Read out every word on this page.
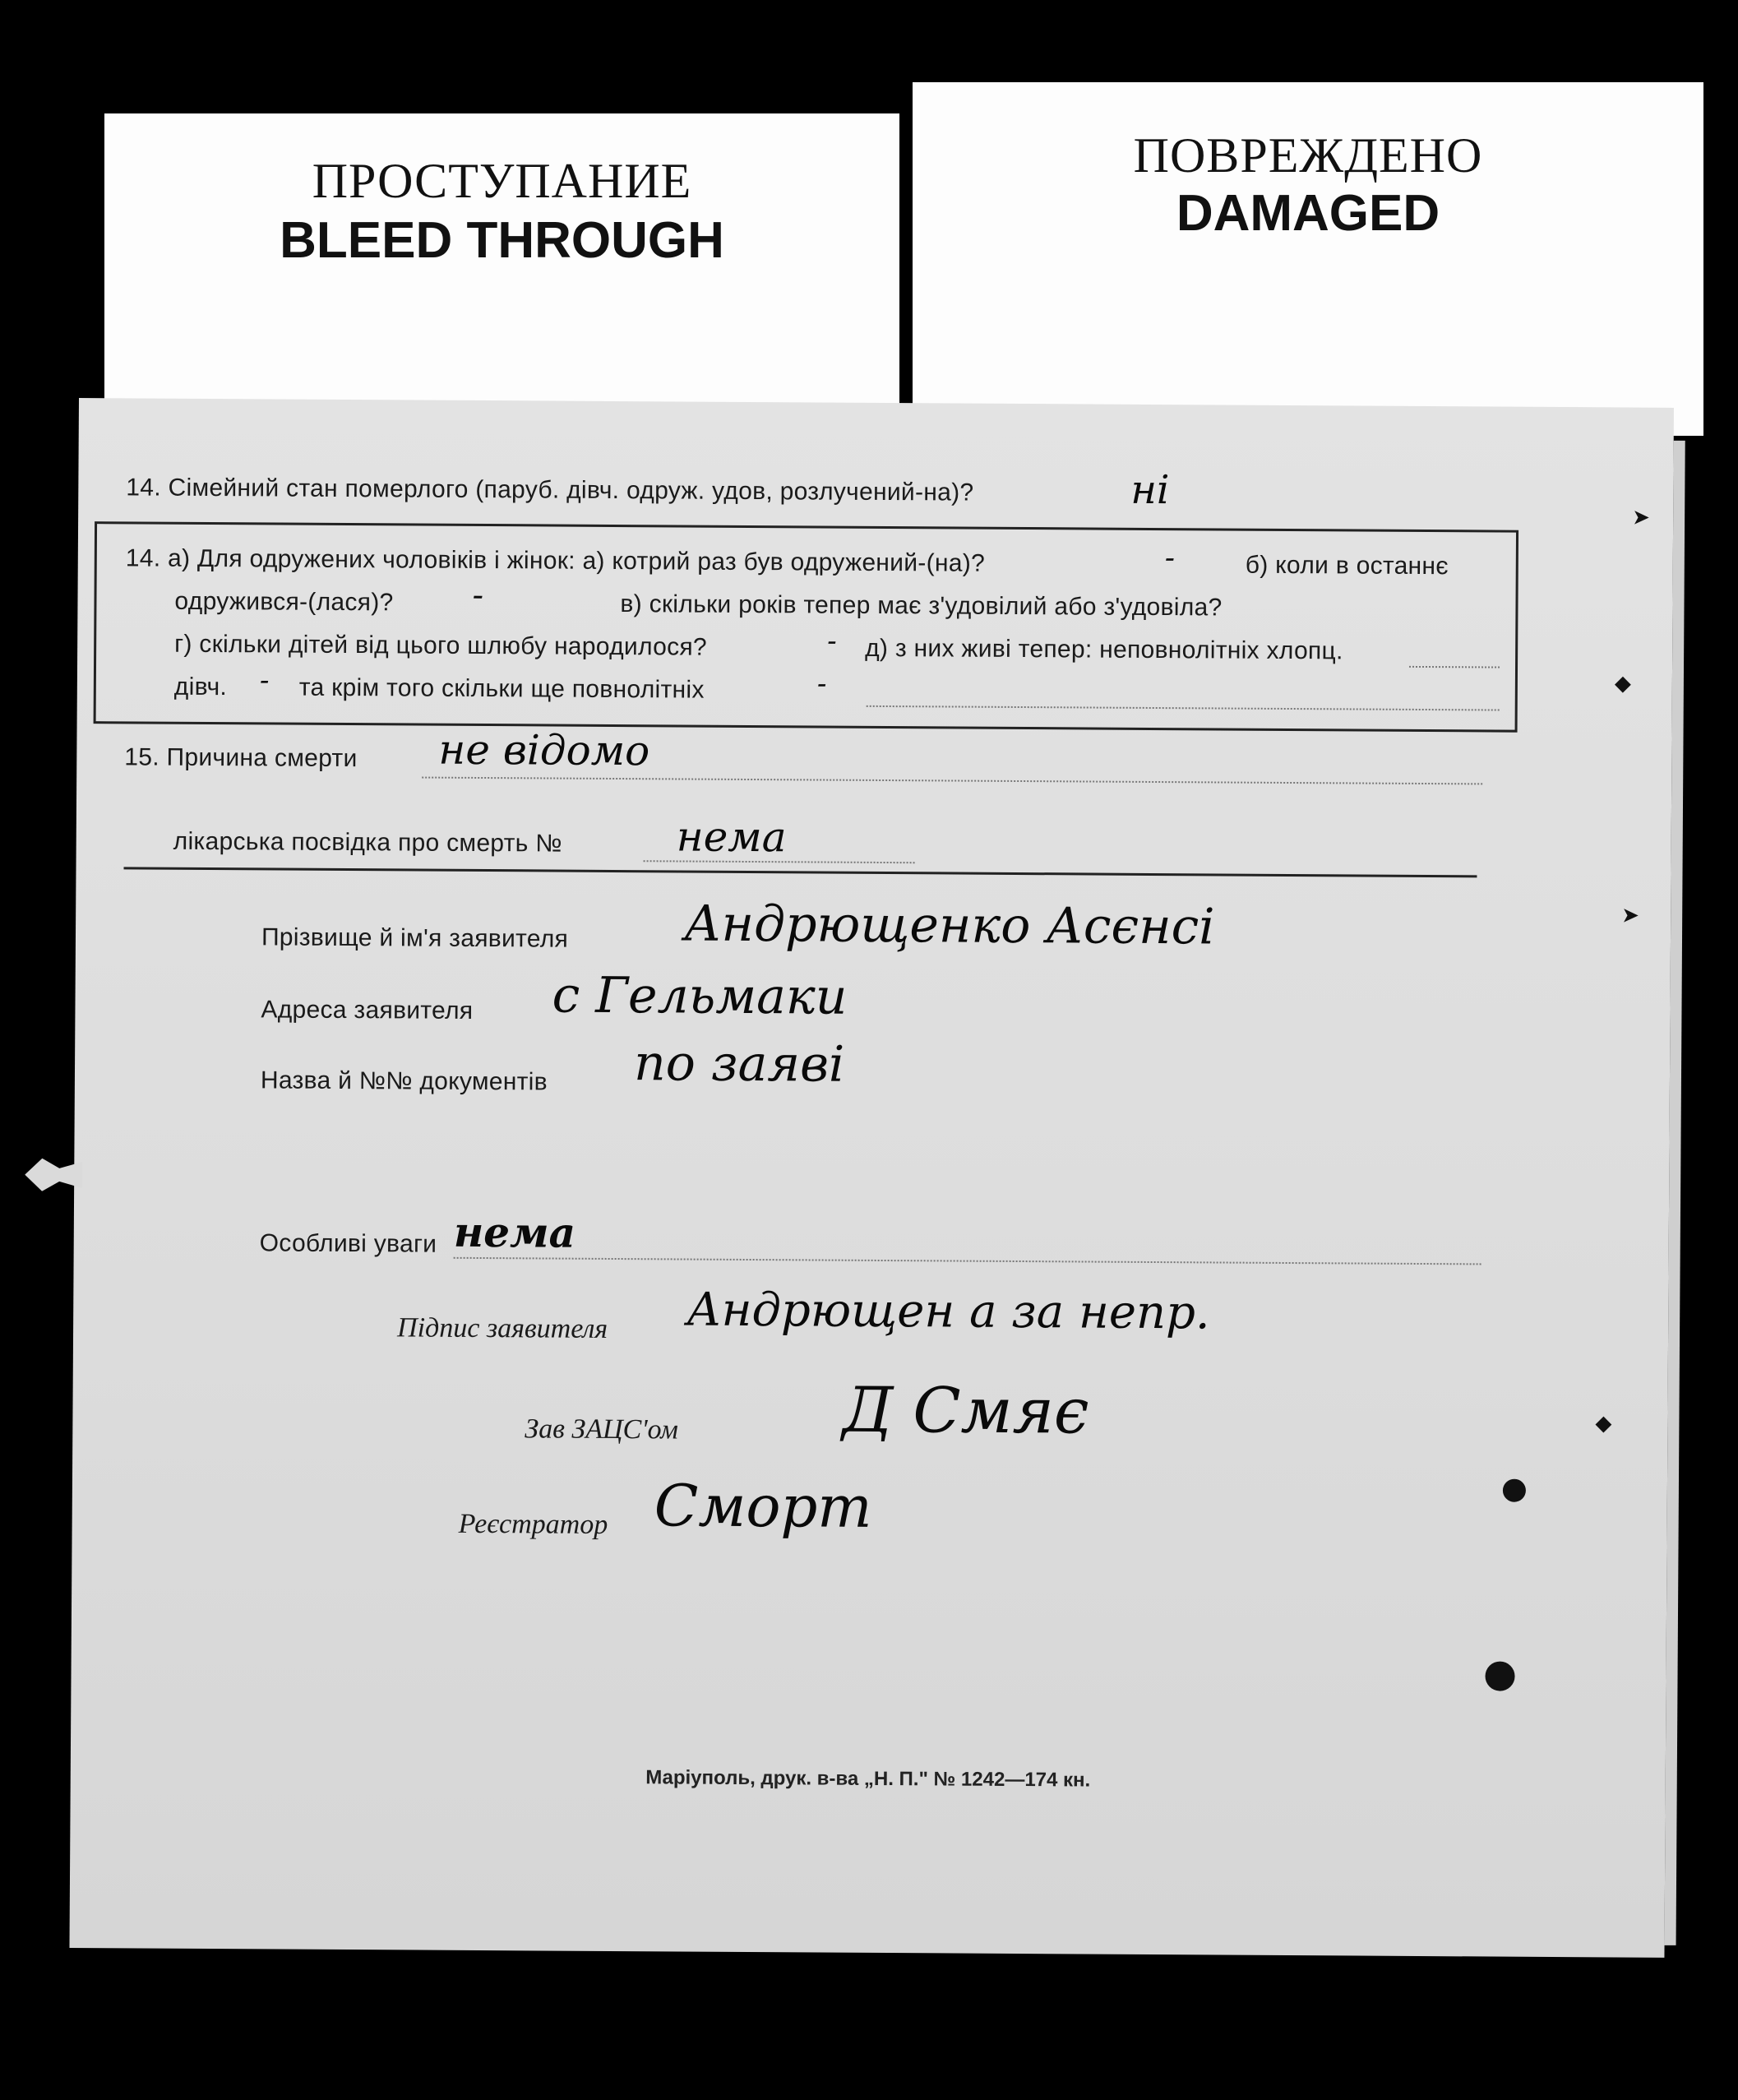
ПРОСТУПАНИЕ
BLEED THROUGH
ПОВРЕЖДЕНО
DAMAGED
14. Сімейний стан померлого (паруб. дівч. одруж. удов, розлучений-на)?	ні
14. а) Для одружених чоловіків і жінок: а) котрий раз був одружений-(на)?	-	б) коли в останнє
одружився-(лася)? -	в) скільки років тепер має з'удовілий або з'удовіла?
г) скільки дітей від цього шлюбу народилося?	- д) з них живі тепер: неповнолітніх хлопц.
дівч. - та крім того скільки ще повнолітніх	-
15. Причина смерти не відомо
лікарська посвідка про смерть №	нема
Прізвище й ім'я заявителя Андрющенко Асєнсі
Адреса заявителя с Гельмаки
Назва й №№ документів по заяві
Особливі уваги нема
Підпис заявителя Андрющен а за непр.
Зав ЗАЦС'ом	Д Смяє
Реєстратор Сморт
Маріуполь, друк. в-ва „Н. П." № 1242—174 кн.
➤
◆
➤
◆
